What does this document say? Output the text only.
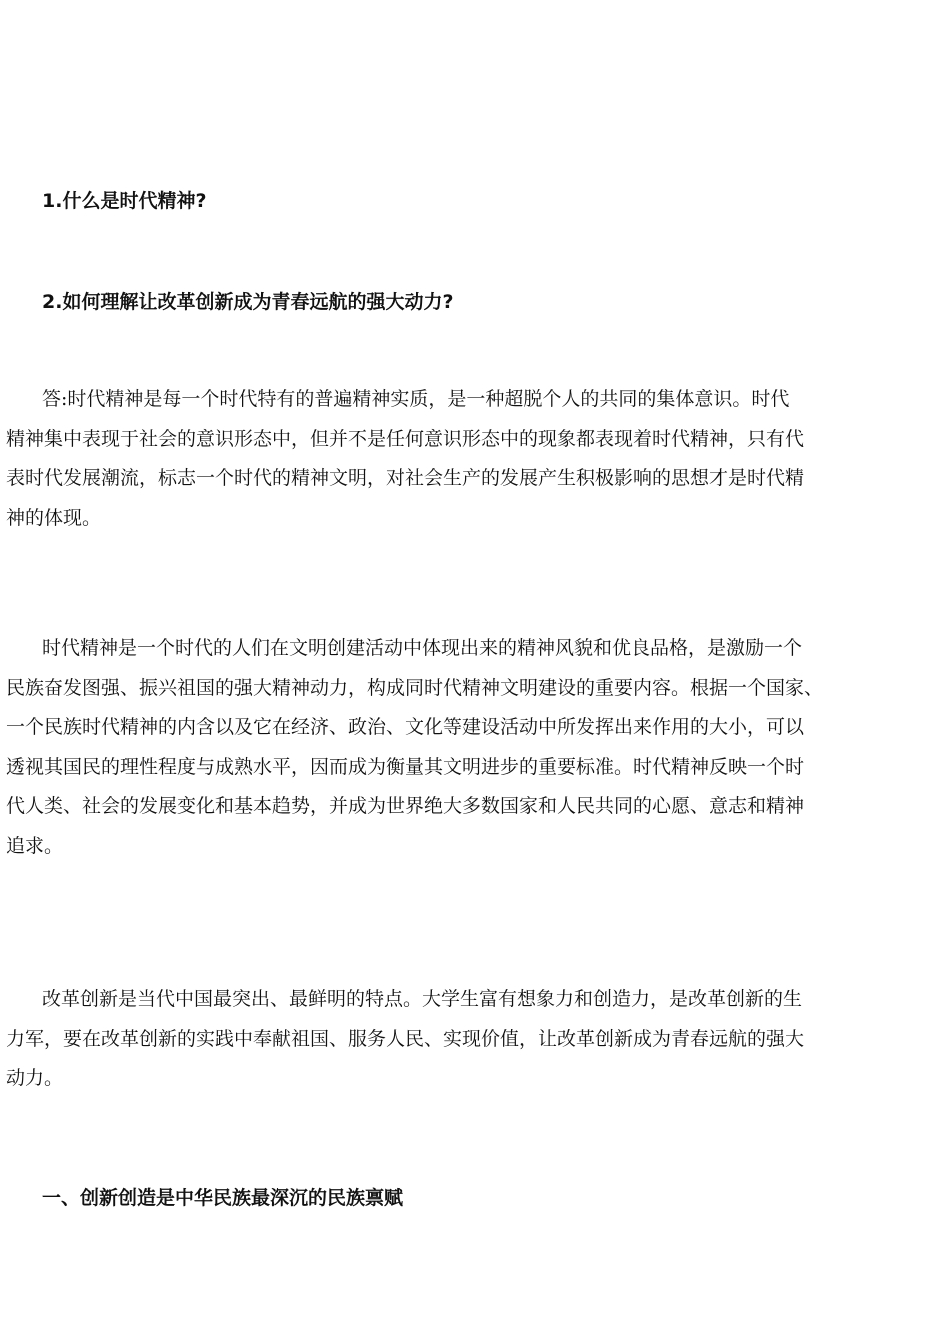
1.什么是时代精神?
2.如何理解让改革创新成为青春远航的强大动力?
答:时代精神是每一个时代特有的普遍精神实质，是一种超脱个人的共同的集体意识。时代
精神集中表现于社会的意识形态中，但并不是任何意识形态中的现象都表现着时代精神，只有代
表时代发展潮流，标志一个时代的精神文明，对社会生产的发展产生积极影响的思想才是时代精
神的体现。
时代精神是一个时代的人们在文明创建活动中体现出来的精神风貌和优良品格，是激励一个
民族奋发图强、振兴祖国的强大精神动力，构成同时代精神文明建设的重要内容。根据一个国家、
一个民族时代精神的内含以及它在经济、政治、文化等建设活动中所发挥出来作用的大小，可以
透视其国民的理性程度与成熟水平，因而成为衡量其文明进步的重要标准。时代精神反映一个时
代人类、社会的发展变化和基本趋势，并成为世界绝大多数国家和人民共同的心愿、意志和精神
追求。
改革创新是当代中国最突出、最鲜明的特点。大学生富有想象力和创造力，是改革创新的生
力军，要在改革创新的实践中奉献祖国、服务人民、实现价值，让改革创新成为青春远航的强大
动力。
一、创新创造是中华民族最深沉的民族禀赋
